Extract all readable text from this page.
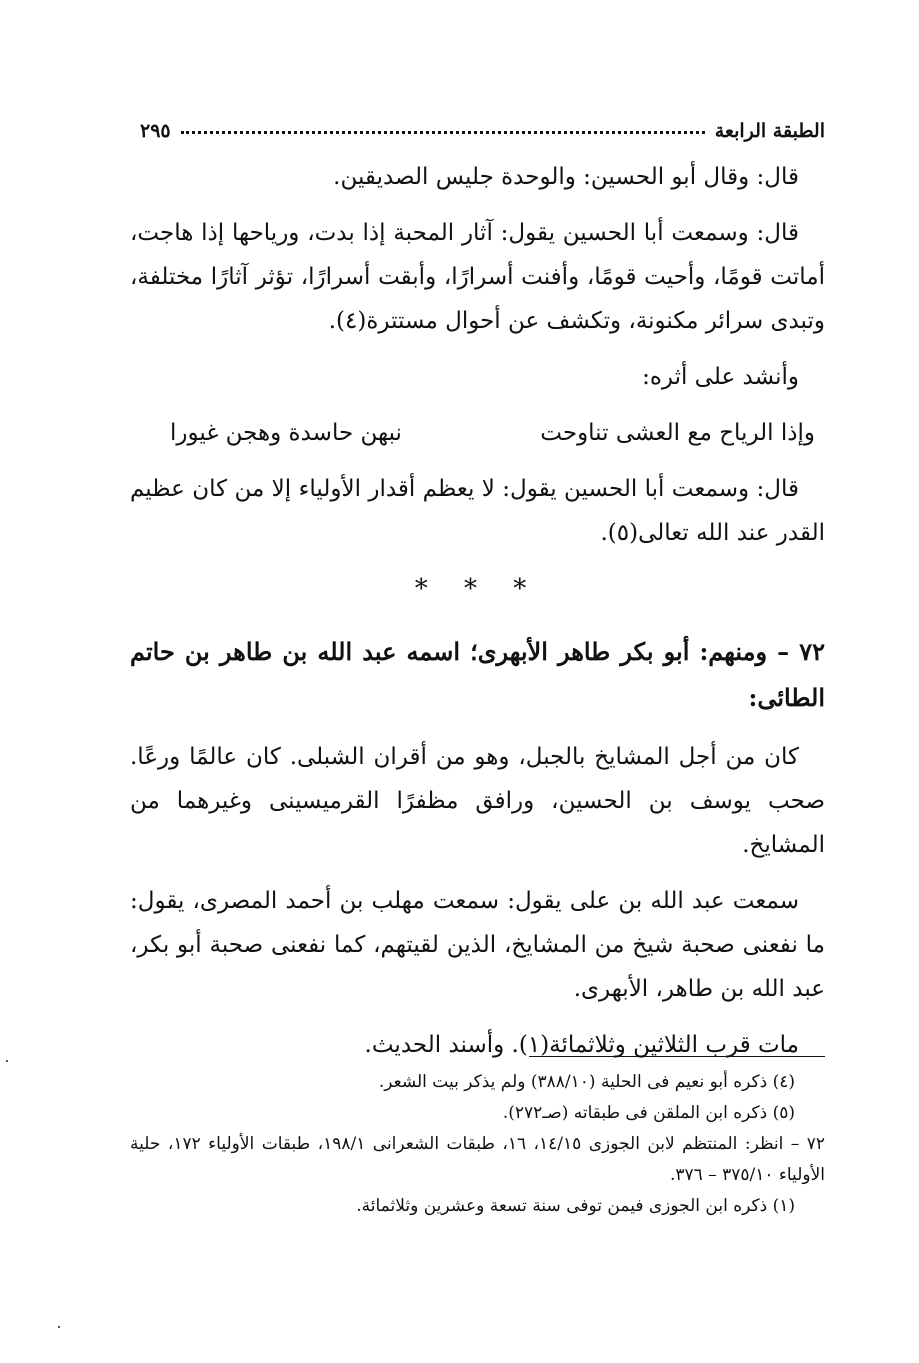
الطبقة الرابعة
٢٩٥

قال: وقال أبو الحسين: والوحدة جليس الصديقين.

قال: وسمعت أبا الحسين يقول: آثار المحبة إذا بدت، ورياحها إذا هاجت، أماتت قومًا، وأحيت قومًا، وأفنت أسرارًا، وأبقت أسرارًا، تؤثر آثارًا مختلفة، وتبدى سرائر مكنونة، وتكشف عن أحوال مستترة(٤).

وأنشد على أثره:

وإذا الرياح مع العشى تناوحت
نبهن حاسدة وهجن غيورا

قال: وسمعت أبا الحسين يقول: لا يعظم أقدار الأولياء إلا من كان عظيم القدر عند الله تعالى(٥).

* * *

٧٢ – ومنهم: أبو بكر طاهر الأبهرى؛ اسمه عبد الله بن طاهر بن حاتم الطائى:

كان من أجل المشايخ بالجبل، وهو من أقران الشبلى. كان عالمًا ورعًا. صحب يوسف بن الحسين، ورافق مظفرًا القرميسينى وغيرهما من المشايخ.

سمعت عبد الله بن على يقول: سمعت مهلب بن أحمد المصرى، يقول: ما نفعنى صحبة شيخ من المشايخ، الذين لقيتهم، كما نفعنى صحبة أبو بكر، عبد الله بن طاهر، الأبهرى.

مات قرب الثلاثين وثلاثمائة(١). وأسند الحديث.

(٤) ذكره أبو نعيم فى الحلية (٣٨٨/١٠) ولم يذكر بيت الشعر.
(٥) ذكره ابن الملقن فى طبقاته (صـ٢٧٢).
٧٢ – انظر: المنتظم لابن الجوزى ١٤/١٥، ١٦، طبقات الشعرانى ١٩٨/١، طبقات الأولياء ١٧٢، حلية الأولياء ٣٧٥/١٠ – ٣٧٦.
(١) ذكره ابن الجوزى فيمن توفى سنة تسعة وعشرين وثلاثمائة.
